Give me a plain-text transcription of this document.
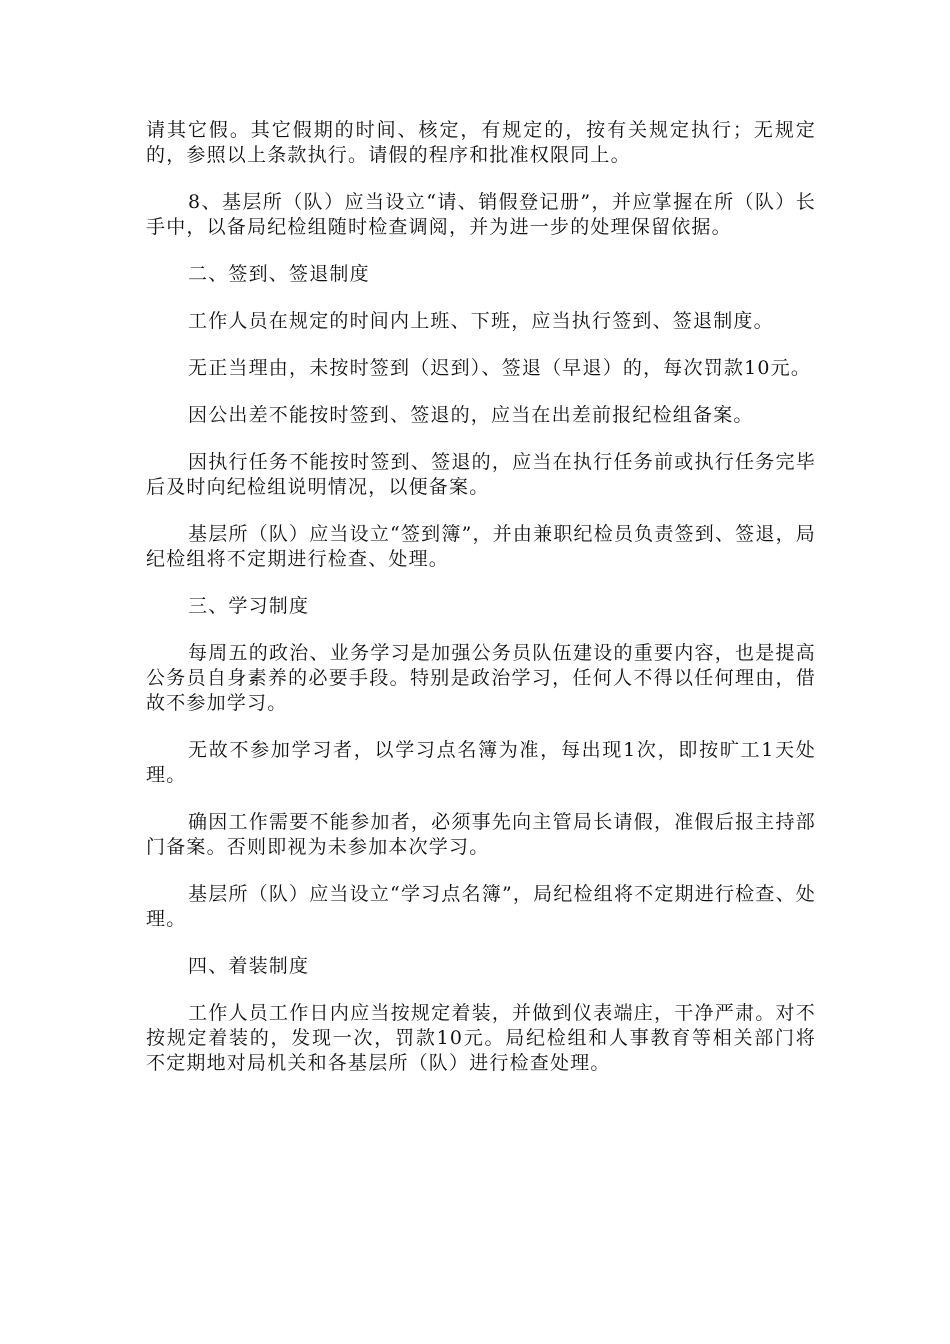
请其它假。其它假期的时间、核定，有规定的，按有关规定执行；无规定的，参照以上条款执行。请假的程序和批准权限同上。

8、基层所（队）应当设立“请、销假登记册”，并应掌握在所（队）长手中，以备局纪检组随时检查调阅，并为进一步的处理保留依据。

二、签到、签退制度

工作人员在规定的时间内上班、下班，应当执行签到、签退制度。

无正当理由，未按时签到（迟到）、签退（早退）的，每次罚款10元。

因公出差不能按时签到、签退的，应当在出差前报纪检组备案。

因执行任务不能按时签到、签退的，应当在执行任务前或执行任务完毕后及时向纪检组说明情况，以便备案。

基层所（队）应当设立“签到簿”，并由兼职纪检员负责签到、签退，局纪检组将不定期进行检查、处理。

三、学习制度

每周五的政治、业务学习是加强公务员队伍建设的重要内容，也是提高公务员自身素养的必要手段。特别是政治学习，任何人不得以任何理由，借故不参加学习。

无故不参加学习者，以学习点名簿为准，每出现1次，即按旷工1天处理。

确因工作需要不能参加者，必须事先向主管局长请假，准假后报主持部门备案。否则即视为未参加本次学习。

基层所（队）应当设立“学习点名簿”，局纪检组将不定期进行检查、处理。

四、着装制度

工作人员工作日内应当按规定着装，并做到仪表端庄，干净严肃。对不按规定着装的，发现一次，罚款10元。局纪检组和人事教育等相关部门将不定期地对局机关和各基层所（队）进行检查处理。
